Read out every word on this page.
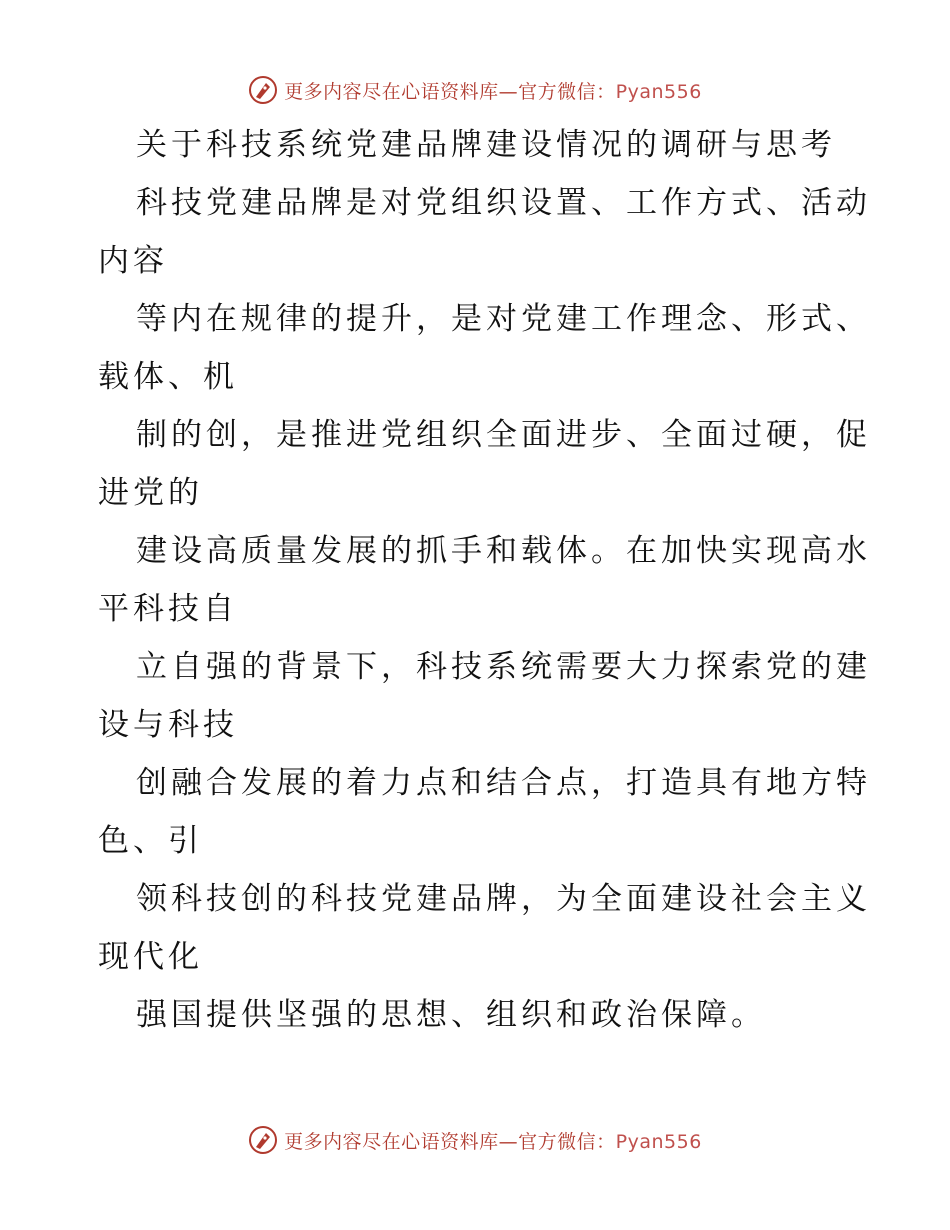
更多内容尽在心语资料库—官方微信：Pyan556
关于科技系统党建品牌建设情况的调研与思考
科技党建品牌是对党组织设置、工作方式、活动
内容
等内在规律的提升，是对党建工作理念、形式、
载体、机
制的创，是推进党组织全面进步、全面过硬，促
进党的
建设高质量发展的抓手和载体。在加快实现高水
平科技自
立自强的背景下，科技系统需要大力探索党的建
设与科技
创融合发展的着力点和结合点，打造具有地方特
色、引
领科技创的科技党建品牌，为全面建设社会主义
现代化
强国提供坚强的思想、组织和政治保障。
更多内容尽在心语资料库—官方微信：Pyan556
